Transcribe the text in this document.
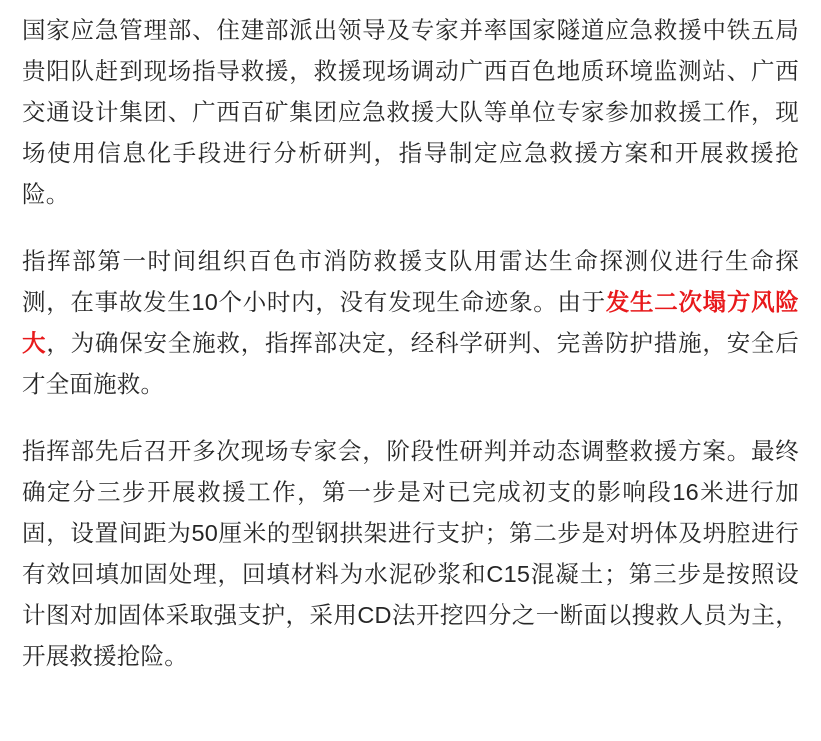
国家应急管理部、住建部派出领导及专家并率国家隧道应急救援中铁五局贵阳队赶到现场指导救援，救援现场调动广西百色地质环境监测站、广西交通设计集团、广西百矿集团应急救援大队等单位专家参加救援工作，现场使用信息化手段进行分析研判，指导制定应急救援方案和开展救援抢险。

指挥部第一时间组织百色市消防救援支队用雷达生命探测仪进行生命探测，在事故发生10个小时内，没有发现生命迹象。由于发生二次塌方风险大，为确保安全施救，指挥部决定，经科学研判、完善防护措施，安全后才全面施救。

指挥部先后召开多次现场专家会，阶段性研判并动态调整救援方案。最终确定分三步开展救援工作，第一步是对已完成初支的影响段16米进行加固，设置间距为50厘米的型钢拱架进行支护；第二步是对坍体及坍腔进行有效回填加固处理，回填材料为水泥砂浆和C15混凝土；第三步是按照设计图对加固体采取强支护，采用CD法开挖四分之一断面以搜救人员为主，开展救援抢险。
